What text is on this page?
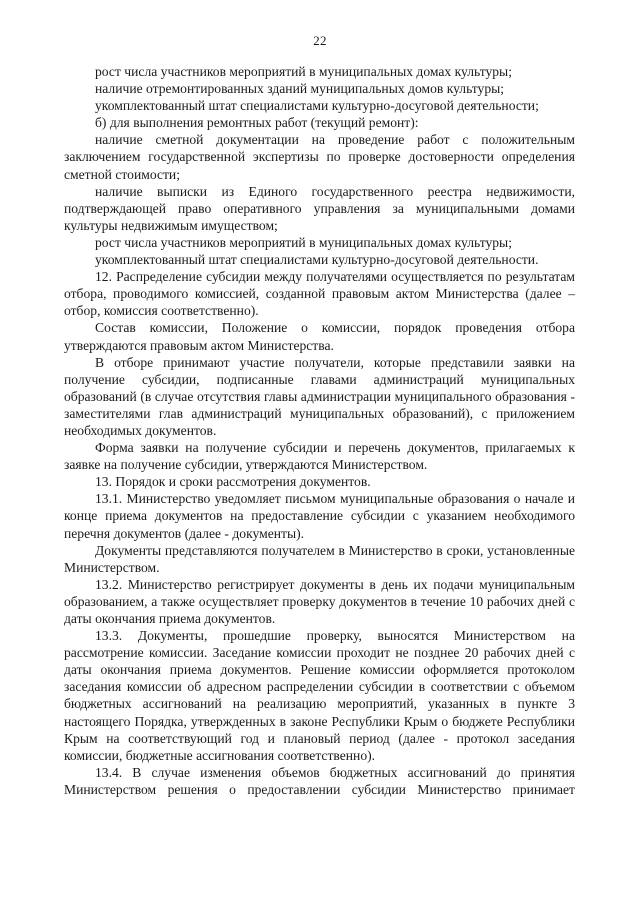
22

рост числа участников мероприятий в муниципальных домах культуры;

наличие отремонтированных зданий муниципальных домов культуры;

укомплектованный штат специалистами культурно-досуговой деятельности;

б) для выполнения ремонтных работ (текущий ремонт):

наличие сметной документации на проведение работ с положительным заключением государственной экспертизы по проверке достоверности определения сметной стоимости;

наличие выписки из Единого государственного реестра недвижимости, подтверждающей право оперативного управления за муниципальными домами культуры недвижимым имуществом;

рост числа участников мероприятий в муниципальных домах культуры;

укомплектованный штат специалистами культурно-досуговой деятельности.

12. Распределение субсидии между получателями осуществляется по результатам отбора, проводимого комиссией, созданной правовым актом Министерства (далее – отбор, комиссия соответственно).

Состав комиссии, Положение о комиссии, порядок проведения отбора утверждаются правовым актом Министерства.

В отборе принимают участие получатели, которые представили заявки на получение субсидии, подписанные главами администраций муниципальных образований (в случае отсутствия главы администрации муниципального образования - заместителями глав администраций муниципальных образований), с приложением необходимых документов.

Форма заявки на получение субсидии и перечень документов, прилагаемых к заявке на получение субсидии, утверждаются Министерством.

13. Порядок и сроки рассмотрения документов.

13.1. Министерство уведомляет письмом муниципальные образования о начале и конце приема документов на предоставление субсидии с указанием необходимого перечня документов (далее - документы).

Документы представляются получателем в Министерство в сроки, установленные Министерством.

13.2. Министерство регистрирует документы в день их подачи муниципальным образованием, а также осуществляет проверку документов в течение 10 рабочих дней с даты окончания приема документов.

13.3. Документы, прошедшие проверку, выносятся Министерством на рассмотрение комиссии. Заседание комиссии проходит не позднее 20 рабочих дней с даты окончания приема документов. Решение комиссии оформляется протоколом заседания комиссии об адресном распределении субсидии в соответствии с объемом бюджетных ассигнований на реализацию мероприятий, указанных в пункте 3 настоящего Порядка, утвержденных в законе Республики Крым о бюджете Республики Крым на соответствующий год и плановый период (далее - протокол заседания комиссии, бюджетные ассигнования соответственно).

13.4. В случае изменения объемов бюджетных ассигнований до принятия Министерством решения о предоставлении субсидии Министерство принимает
